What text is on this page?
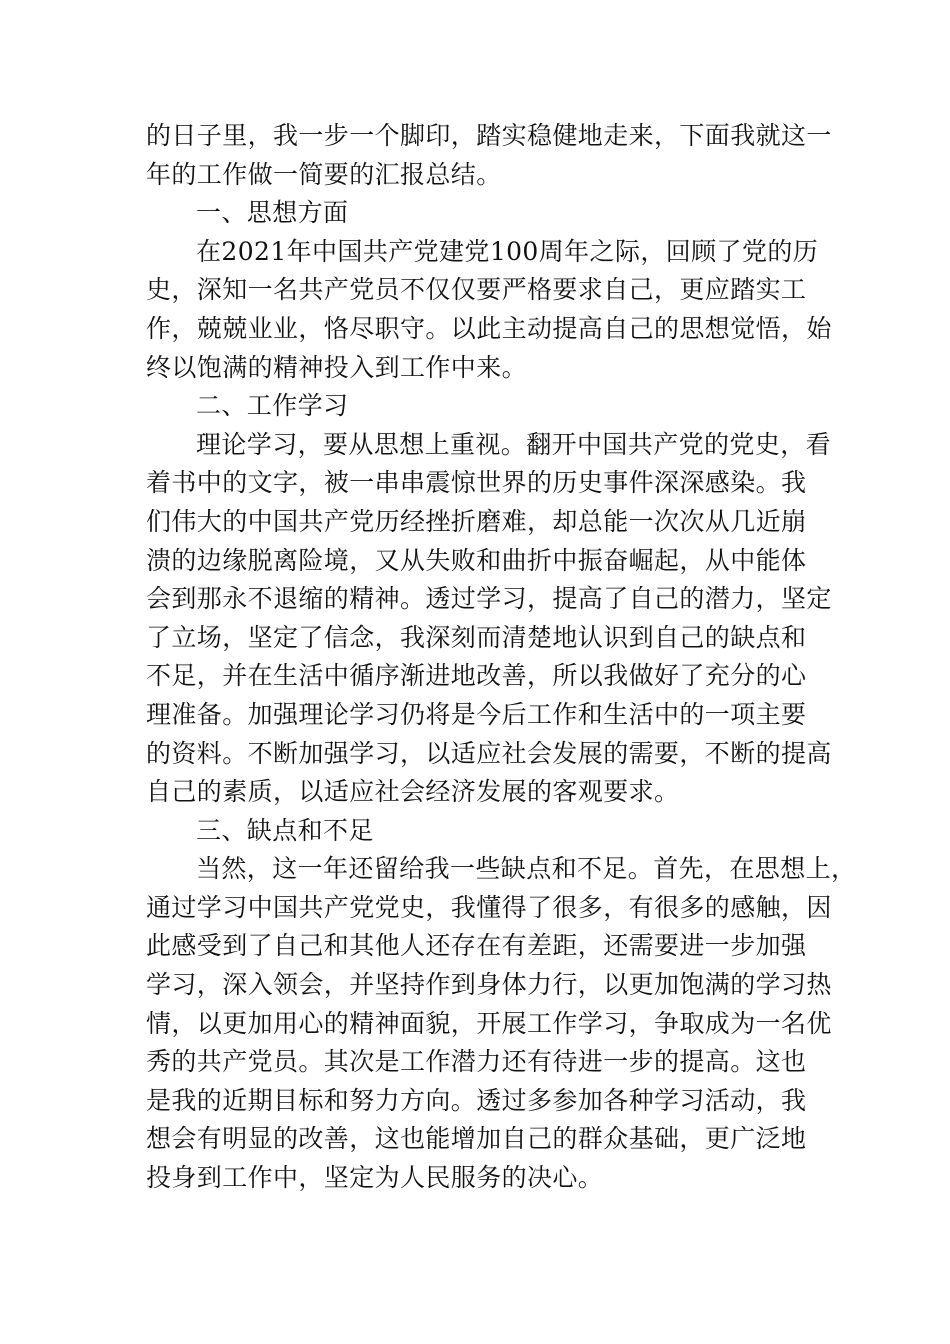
的日子里，我一步一个脚印，踏实稳健地走来，下面我就这一
年的工作做一简要的汇报总结。
一、思想方面
在2021年中国共产党建党100周年之际，回顾了党的历
史，深知一名共产党员不仅仅要严格要求自己，更应踏实工
作，兢兢业业，恪尽职守。以此主动提高自己的思想觉悟，始
终以饱满的精神投入到工作中来。
二、工作学习
理论学习，要从思想上重视。翻开中国共产党的党史，看
着书中的文字，被一串串震惊世界的历史事件深深感染。我
们伟大的中国共产党历经挫折磨难，却总能一次次从几近崩
溃的边缘脱离险境，又从失败和曲折中振奋崛起，从中能体
会到那永不退缩的精神。透过学习，提高了自己的潜力，坚定
了立场，坚定了信念，我深刻而清楚地认识到自己的缺点和
不足，并在生活中循序渐进地改善，所以我做好了充分的心
理准备。加强理论学习仍将是今后工作和生活中的一项主要
的资料。不断加强学习，以适应社会发展的需要，不断的提高
自己的素质，以适应社会经济发展的客观要求。
三、缺点和不足
当然，这一年还留给我一些缺点和不足。首先，在思想上，
通过学习中国共产党党史，我懂得了很多，有很多的感触，因
此感受到了自己和其他人还存在有差距，还需要进一步加强
学习，深入领会，并坚持作到身体力行，以更加饱满的学习热
情，以更加用心的精神面貌，开展工作学习，争取成为一名优
秀的共产党员。其次是工作潜力还有待进一步的提高。这也
是我的近期目标和努力方向。透过多参加各种学习活动，我
想会有明显的改善，这也能增加自己的群众基础，更广泛地
投身到工作中，坚定为人民服务的决心。
